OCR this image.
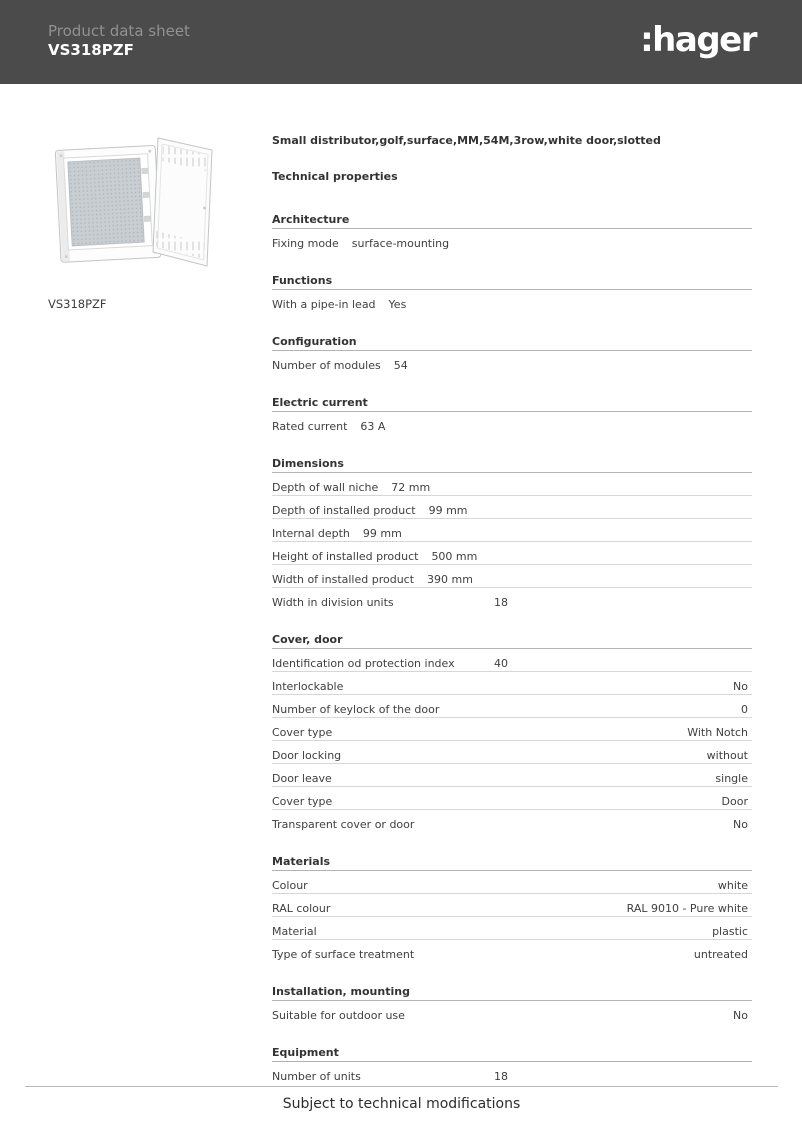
Product data sheet
VS318PZF	:hager
VS318PZF
Small distributor,golf,surface,MM,54M,3row,white door,slotted
Technical properties
Architecture
Fixing mode surface-mounting
Functions
With a pipe-in lead Yes
Configuration
Number of modules 54
Electric current
Rated current 63 A
Dimensions
Depth of wall niche 72 mm
Depth of installed product 99 mm
Internal depth 99 mm
Height of installed product 500 mm
Width of installed product 390 mm
Width in division units	18
Cover, door
Identification od protection index	40
Interlockable	No
Number of keylock of the door	0
Cover type	With Notch
Door locking	without
Door leave	single
Cover type	Door
Transparent cover or door	No
Materials
Colour	white
RAL colour	RAL 9010 - Pure white
Material	plastic
Type of surface treatment	untreated
Installation, mounting
Suitable for outdoor use	No
Equipment
Number of units	18
Subject to technical modifications
